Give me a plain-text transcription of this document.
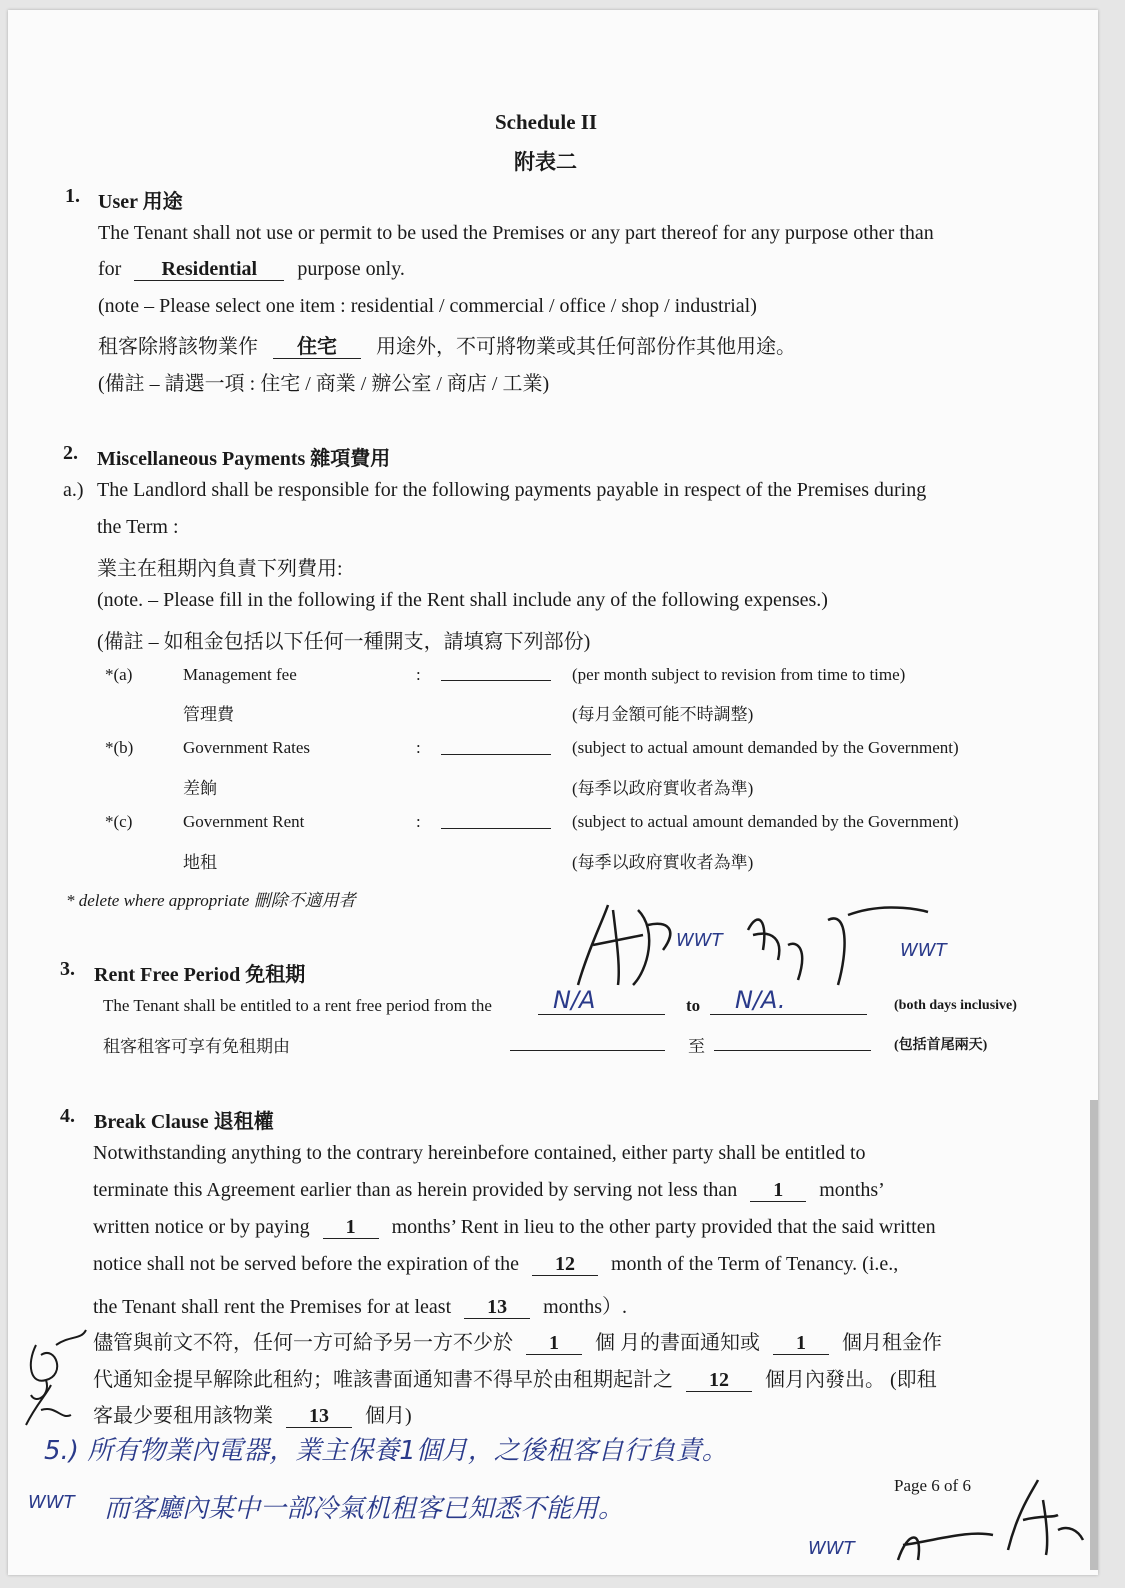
Schedule II
附表二
1. User 用途
The Tenant shall not use or permit to be used the Premises or any part thereof for any purpose other than
for Residential purpose only.
(note – Please select one item : residential / commercial / office / shop / industrial)
租客除將該物業作 住宅 用途外，不可將物業或其任何部份作其他用途。
(備註 – 請選一項 : 住宅 / 商業 / 辦公室 / 商店 / 工業)
2. Miscellaneous Payments 雜項費用
a.) The Landlord shall be responsible for the following payments payable in respect of the Premises during
the Term :
業主在租期內負責下列費用:
(note. – Please fill in the following if the Rent shall include any of the following expenses.)
(備註 – 如租金包括以下任何一種開支，請填寫下列部份)
*(a)	Management fee	:	(per month subject to revision from time to time)
管理費	(每月金額可能不時調整)
*(b)	Government Rates	:	(subject to actual amount demanded by the Government)
差餉	(每季以政府實收者為準)
*(c)	Government Rent	:	(subject to actual amount demanded by the Government)
地租	(每季以政府實收者為準)
* delete where appropriate 刪除不適用者
3. Rent Free Period 免租期
The Tenant shall be entitled to a rent free period from the	N/A	to N/A.	(both days inclusive)
租客租客可享有免租期由	至	(包括首尾兩天)
4. Break Clause 退租權
Notwithstanding anything to the contrary hereinbefore contained, either party shall be entitled to
terminate this Agreement earlier than as herein provided by serving not less than 1 months’
written notice or by paying 1 months’ Rent in lieu to the other party provided that the said written
notice shall not be served before the expiration of the 12 month of the Term of Tenancy. (i.e.,
the Tenant shall rent the Premises for at least 13 months）.
儘管與前文不符，任何一方可給予另一方不少於 1 個 月的書面通知或 1 個月租金作
代通知金提早解除此租約；唯該書面通知書不得早於由租期起計之 12 個月內發出。 (即租
客最少要租用該物業 13 個月)
WWT	WWT
5.) 所有物業內電器，業主保養1個月，之後租客自行負責。
WWT 而客廳內某中一部冷氣机租客已知悉不能用。
WWT
Page 6 of 6
